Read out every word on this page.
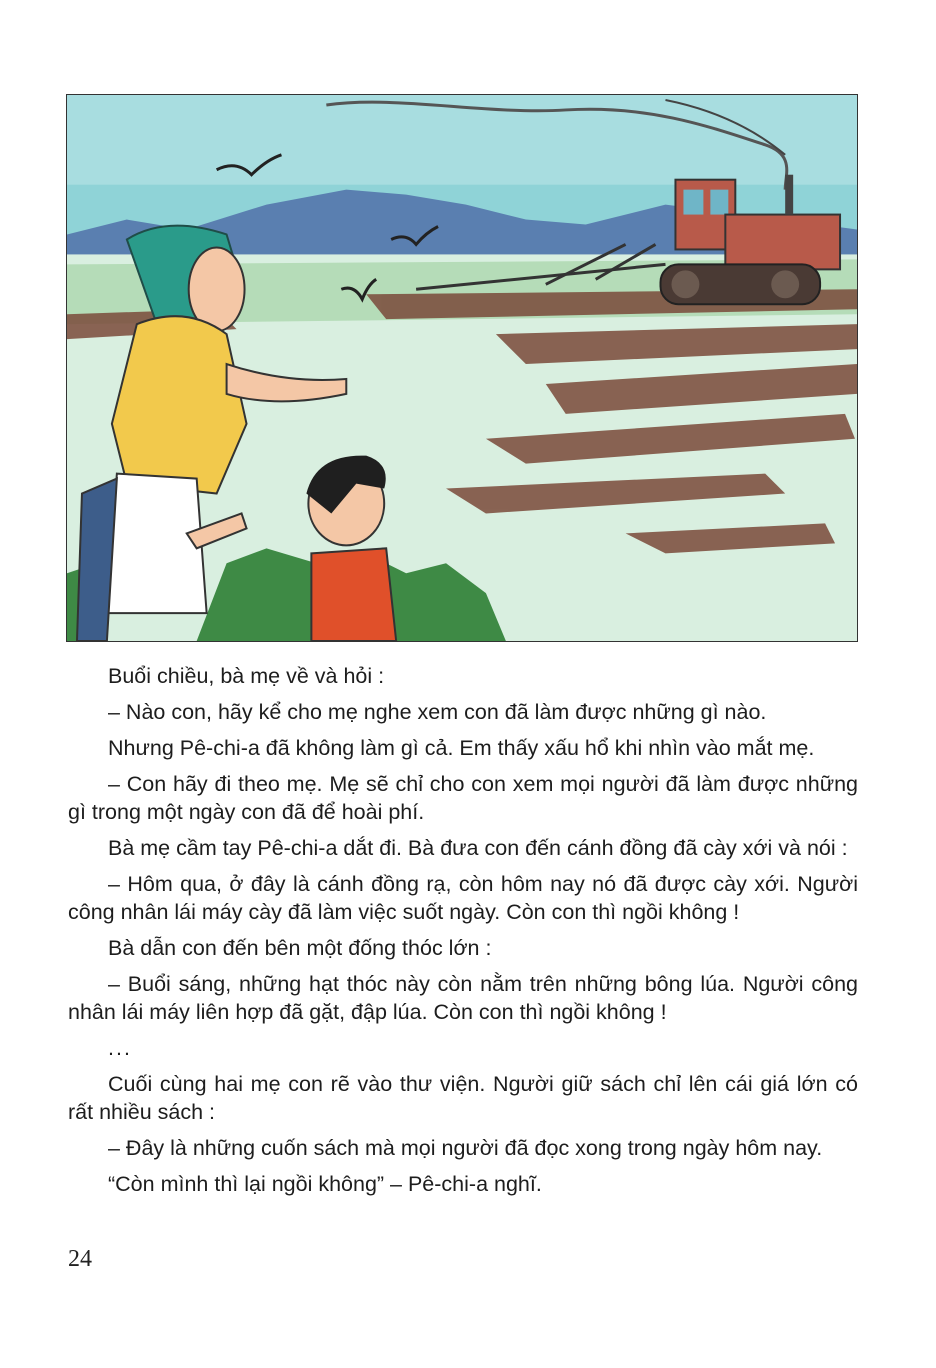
Buổi chiều, bà mẹ về và hỏi :

– Nào con, hãy kể cho mẹ nghe xem con đã làm được những gì nào.

Nhưng Pê-chi-a đã không làm gì cả. Em thấy xấu hổ khi nhìn vào mắt mẹ.

– Con hãy đi theo mẹ. Mẹ sẽ chỉ cho con xem mọi người đã làm được những gì trong một ngày con đã để hoài phí.

Bà mẹ cầm tay Pê-chi-a dắt đi. Bà đưa con đến cánh đồng đã cày xới và nói :

– Hôm qua, ở đây là cánh đồng rạ, còn hôm nay nó đã được cày xới. Người công nhân lái máy cày đã làm việc suốt ngày. Còn con thì ngồi không !

Bà dẫn con đến bên một đống thóc lớn :

– Buổi sáng, những hạt thóc này còn nằm trên những bông lúa. Người công nhân lái máy liên hợp đã gặt, đập lúa. Còn con thì ngồi không !

...

Cuối cùng hai mẹ con rẽ vào thư viện. Người giữ sách chỉ lên cái giá lớn có rất nhiều sách :

– Đây là những cuốn sách mà mọi người đã đọc xong trong ngày hôm nay.

“Còn mình thì lại ngồi không” – Pê-chi-a nghĩ.

24
